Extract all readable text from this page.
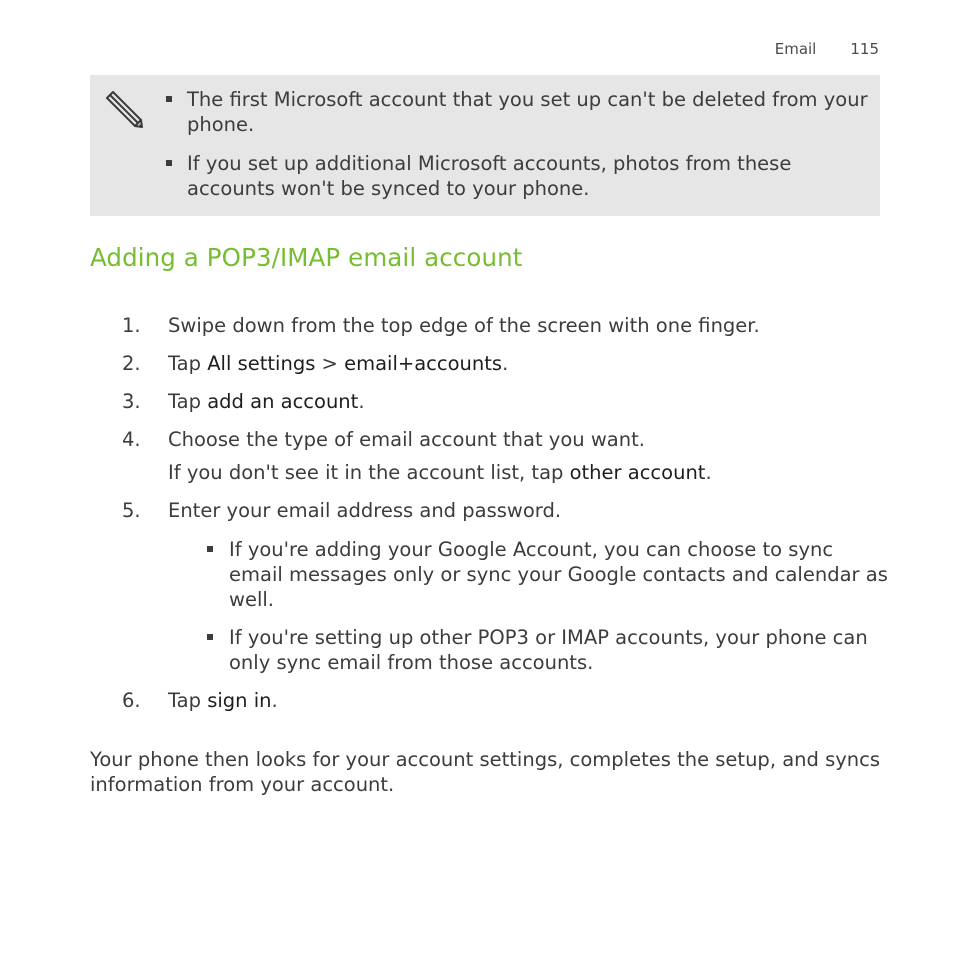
Email 115
The first Microsoft account that you set up can't be deleted from your phone.
If you set up additional Microsoft accounts, photos from these accounts won't be synced to your phone.
Adding a POP3/IMAP email account
1. Swipe down from the top edge of the screen with one finger.
2. Tap All settings > email+accounts.
3. Tap add an account.
4. Choose the type of email account that you want.
If you don't see it in the account list, tap other account.
5. Enter your email address and password.
If you're adding your Google Account, you can choose to sync email messages only or sync your Google contacts and calendar as well.
If you're setting up other POP3 or IMAP accounts, your phone can only sync email from those accounts.
6. Tap sign in.

Your phone then looks for your account settings, completes the setup, and syncs information from your account.
